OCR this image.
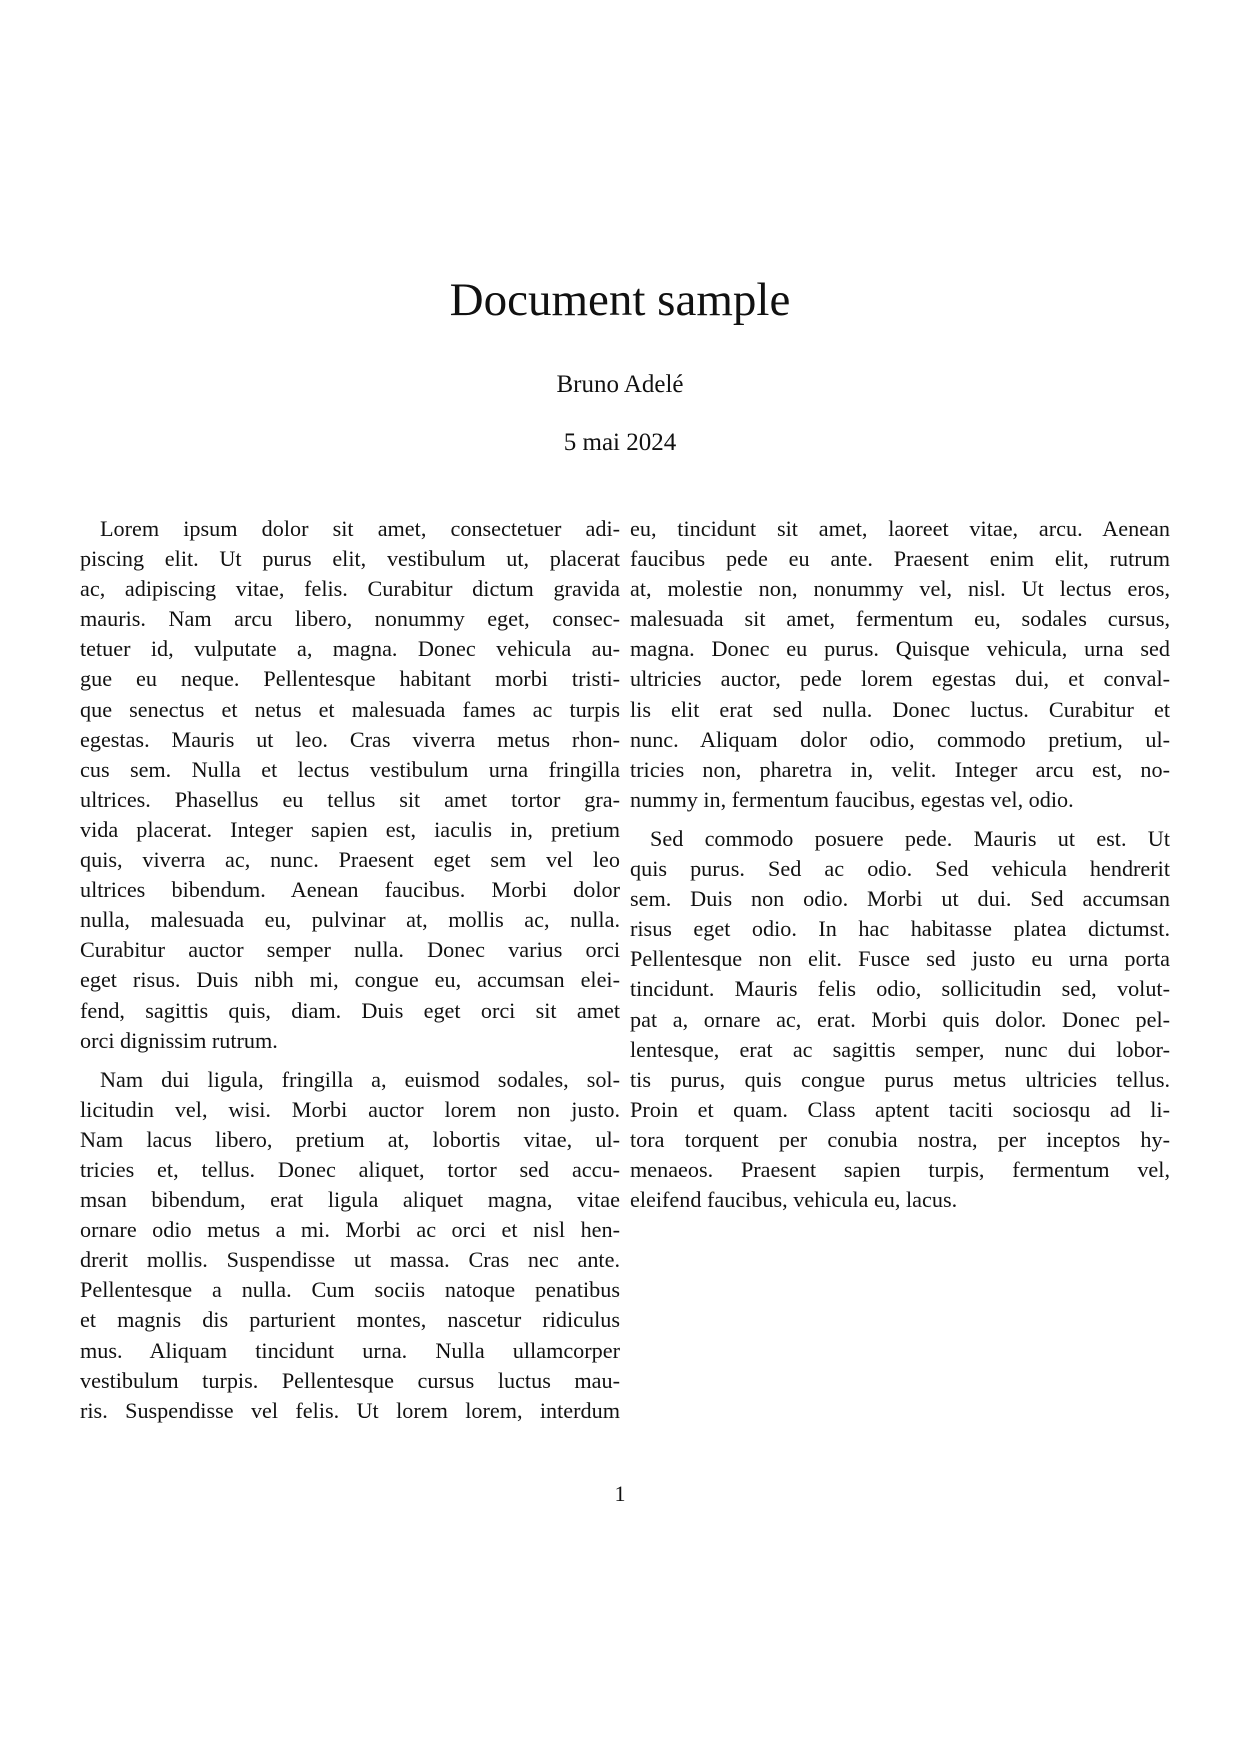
Document sample
Bruno Adelé
5 mai 2024
Lorem ipsum dolor sit amet, consectetuer adi-
piscing elit. Ut purus elit, vestibulum ut, placerat
ac, adipiscing vitae, felis. Curabitur dictum gravida
mauris. Nam arcu libero, nonummy eget, consec-
tetuer id, vulputate a, magna. Donec vehicula au-
gue eu neque. Pellentesque habitant morbi tristi-
que senectus et netus et malesuada fames ac turpis
egestas. Mauris ut leo. Cras viverra metus rhon-
cus sem. Nulla et lectus vestibulum urna fringilla
ultrices. Phasellus eu tellus sit amet tortor gra-
vida placerat. Integer sapien est, iaculis in, pretium
quis, viverra ac, nunc. Praesent eget sem vel leo
ultrices bibendum. Aenean faucibus. Morbi dolor
nulla, malesuada eu, pulvinar at, mollis ac, nulla.
Curabitur auctor semper nulla. Donec varius orci
eget risus. Duis nibh mi, congue eu, accumsan elei-
fend, sagittis quis, diam. Duis eget orci sit amet
orci dignissim rutrum.
Nam dui ligula, fringilla a, euismod sodales, sol-
licitudin vel, wisi. Morbi auctor lorem non justo.
Nam lacus libero, pretium at, lobortis vitae, ul-
tricies et, tellus. Donec aliquet, tortor sed accu-
msan bibendum, erat ligula aliquet magna, vitae
ornare odio metus a mi. Morbi ac orci et nisl hen-
drerit mollis. Suspendisse ut massa. Cras nec ante.
Pellentesque a nulla. Cum sociis natoque penatibus
et magnis dis parturient montes, nascetur ridiculus
mus. Aliquam tincidunt urna. Nulla ullamcorper
vestibulum turpis. Pellentesque cursus luctus mau-
ris. Suspendisse vel felis. Ut lorem lorem, interdum
eu, tincidunt sit amet, laoreet vitae, arcu. Aenean
faucibus pede eu ante. Praesent enim elit, rutrum
at, molestie non, nonummy vel, nisl. Ut lectus eros,
malesuada sit amet, fermentum eu, sodales cursus,
magna. Donec eu purus. Quisque vehicula, urna sed
ultricies auctor, pede lorem egestas dui, et conval-
lis elit erat sed nulla. Donec luctus. Curabitur et
nunc. Aliquam dolor odio, commodo pretium, ul-
tricies non, pharetra in, velit. Integer arcu est, no-
nummy in, fermentum faucibus, egestas vel, odio.
Sed commodo posuere pede. Mauris ut est. Ut
quis purus. Sed ac odio. Sed vehicula hendrerit
sem. Duis non odio. Morbi ut dui. Sed accumsan
risus eget odio. In hac habitasse platea dictumst.
Pellentesque non elit. Fusce sed justo eu urna porta
tincidunt. Mauris felis odio, sollicitudin sed, volut-
pat a, ornare ac, erat. Morbi quis dolor. Donec pel-
lentesque, erat ac sagittis semper, nunc dui lobor-
tis purus, quis congue purus metus ultricies tellus.
Proin et quam. Class aptent taciti sociosqu ad li-
tora torquent per conubia nostra, per inceptos hy-
menaeos. Praesent sapien turpis, fermentum vel,
eleifend faucibus, vehicula eu, lacus.
1
